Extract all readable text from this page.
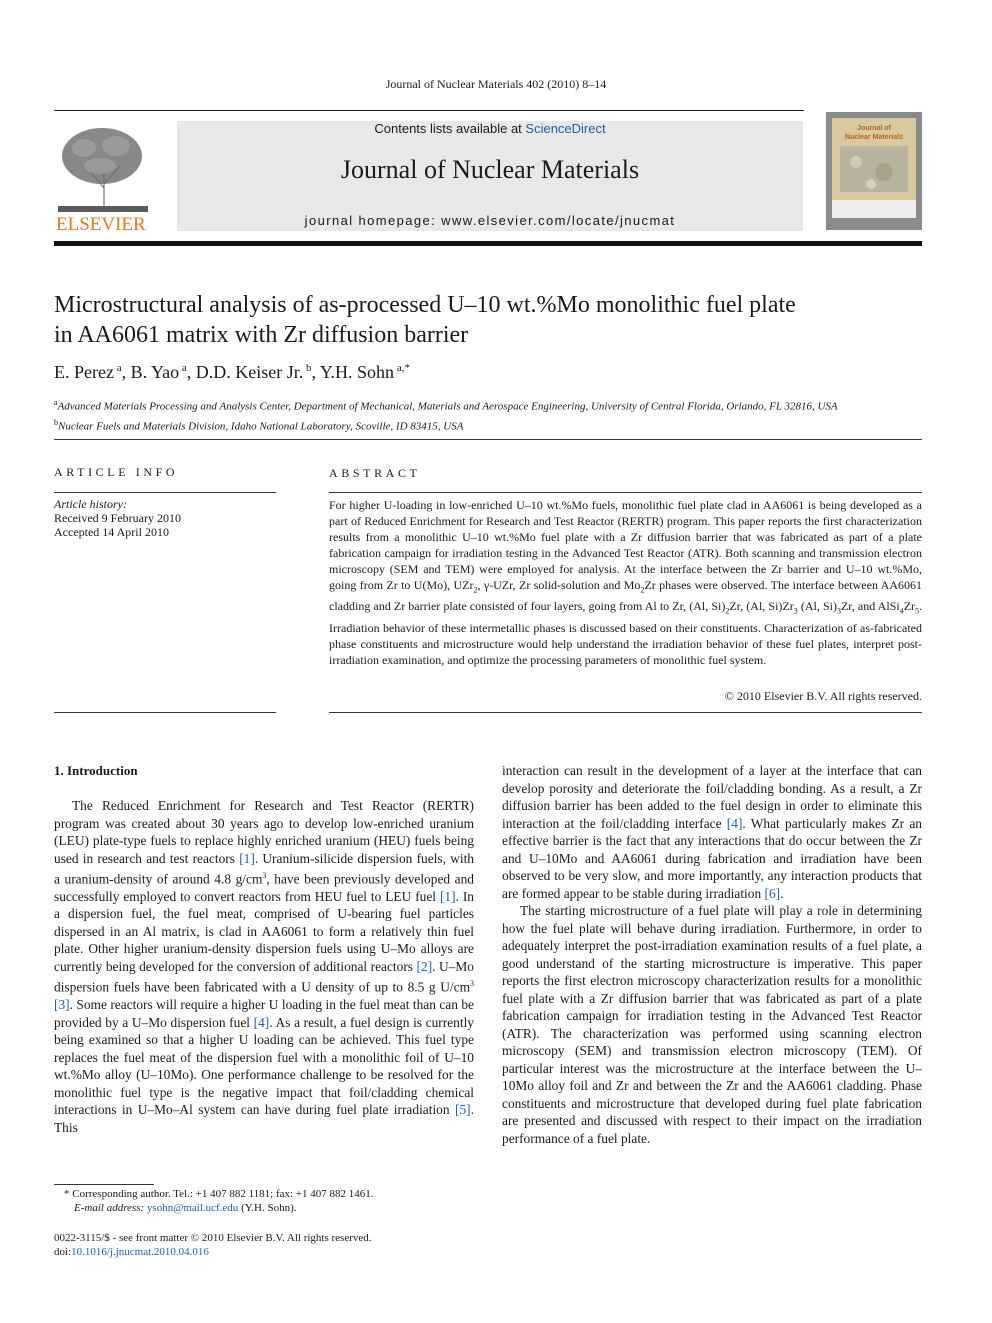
Journal of Nuclear Materials 402 (2010) 8–14
ELSEVIER
Contents lists available at ScienceDirect
Journal of Nuclear Materials
journal homepage: www.elsevier.com/locate/jnucmat
Journal of
Nuclear Materials
Microstructural analysis of as-processed U–10 wt.%Mo monolithic fuel plate
in AA6061 matrix with Zr diffusion barrier
E. Perez $^a$, B. Yao $^a$, D.D. Keiser Jr. $^b$, Y.H. Sohn $^{a,*}$
$^a$Advanced Materials Processing and Analysis Center, Department of Mechanical, Materials and Aerospace Engineering, University of Central Florida, Orlando, FL 32816, USA
$^b$Nuclear Fuels and Materials Division, Idaho National Laboratory, Scoville, ID 83415, USA
ARTICLE INFO
Article history:
Received 9 February 2010
Accepted 14 April 2010
ABSTRACT
For higher U-loading in low-enriched U–10 wt.%Mo fuels, monolithic fuel plate clad in AA6061 is being developed as a part of Reduced Enrichment for Research and Test Reactor (RERTR) program. This paper reports the first characterization results from a monolithic U–10 wt.%Mo fuel plate with a Zr diffusion barrier that was fabricated as part of a plate fabrication campaign for irradiation testing in the Advanced Test Reactor (ATR). Both scanning and transmission electron microscopy (SEM and TEM) were employed for analysis. At the interface between the Zr barrier and U–10 wt.%Mo, going from Zr to U(Mo), UZr$_2$, γ-UZr, Zr solid-solution and $Mo_2Zr$ phases were observed. The interface between AA6061 cladding and Zr barrier plate consisted of four layers, going from Al to Zr, (Al, $Si)_2Zr$, (Al, $Si)Zr_3$ (Al, $Si)_3Zr$, and $AlSi_4Zr_5$. Irradiation behavior of these intermetallic phases is discussed based on their constituents. Characterization of as-fabricated phase constituents and microstructure would help understand the irradiation behavior of these fuel plates, interpret post-irradiation examination, and optimize the processing parameters of monolithic fuel system.
© 2010 Elsevier B.V. All rights reserved.
1. Introduction

The Reduced Enrichment for Research and Test Reactor (RERTR) program was created about 30 years ago to develop low-enriched uranium (LEU) plate-type fuels to replace highly enriched uranium (HEU) fuels being used in research and test reactors [1]. Uranium-silicide dispersion fuels, with a uranium-density of around 4.8 $g/cm^3$, have been previously developed and successfully employed to convert reactors from HEU fuel to LEU fuel [1]. In a dispersion fuel, the fuel meat, comprised of U-bearing fuel particles dispersed in an Al matrix, is clad in AA6061 to form a relatively thin fuel plate. Other higher uranium-density dispersion fuels using U–Mo alloys are currently being developed for the conversion of additional reactors [2]. U–Mo dispersion fuels have been fabricated with a U density of up to 8.5 g $U/cm^3$ [3]. Some reactors will require a higher U loading in the fuel meat than can be provided by a U–Mo dispersion fuel [4]. As a result, a fuel design is currently being examined so that a higher U loading can be achieved. This fuel type replaces the fuel meat of the dispersion fuel with a monolithic foil of U–10 wt.%Mo alloy (U–10Mo). One performance challenge to be resolved for the monolithic fuel type is the negative impact that foil/cladding chemical interactions in U–Mo–Al system can have during fuel plate irradiation [5]. This

interaction can result in the development of a layer at the interface that can develop porosity and deteriorate the foil/cladding bonding. As a result, a Zr diffusion barrier has been added to the fuel design in order to eliminate this interaction at the foil/cladding interface [4]. What particularly makes Zr an effective barrier is the fact that any interactions that do occur between the Zr and U–10Mo and AA6061 during fabrication and irradiation have been observed to be very slow, and more importantly, any interaction products that are formed appear to be stable during irradiation [6].

The starting microstructure of a fuel plate will play a role in determining how the fuel plate will behave during irradiation. Furthermore, in order to adequately interpret the post-irradiation examination results of a fuel plate, a good understand of the starting microstructure is imperative. This paper reports the first electron microscopy characterization results for a monolithic fuel plate with a Zr diffusion barrier that was fabricated as part of a plate fabrication campaign for irradiation testing in the Advanced Test Reactor (ATR). The characterization was performed using scanning electron microscopy (SEM) and transmission electron microscopy (TEM). Of particular interest was the microstructure at the interface between the U–10Mo alloy foil and Zr and between the Zr and the AA6061 cladding. Phase constituents and microstructure that developed during fuel plate fabrication are presented and discussed with respect to their impact on the irradiation performance of a fuel plate.

* Corresponding author. Tel.: +1 407 882 1181; fax: +1 407 882 1461.
E-mail address: ysohn@mail.ucf.edu (Y.H. Sohn).
0022-3115/$ - see front matter © 2010 Elsevier B.V. All rights reserved.
doi:10.1016/j.jnucmat.2010.04.016
